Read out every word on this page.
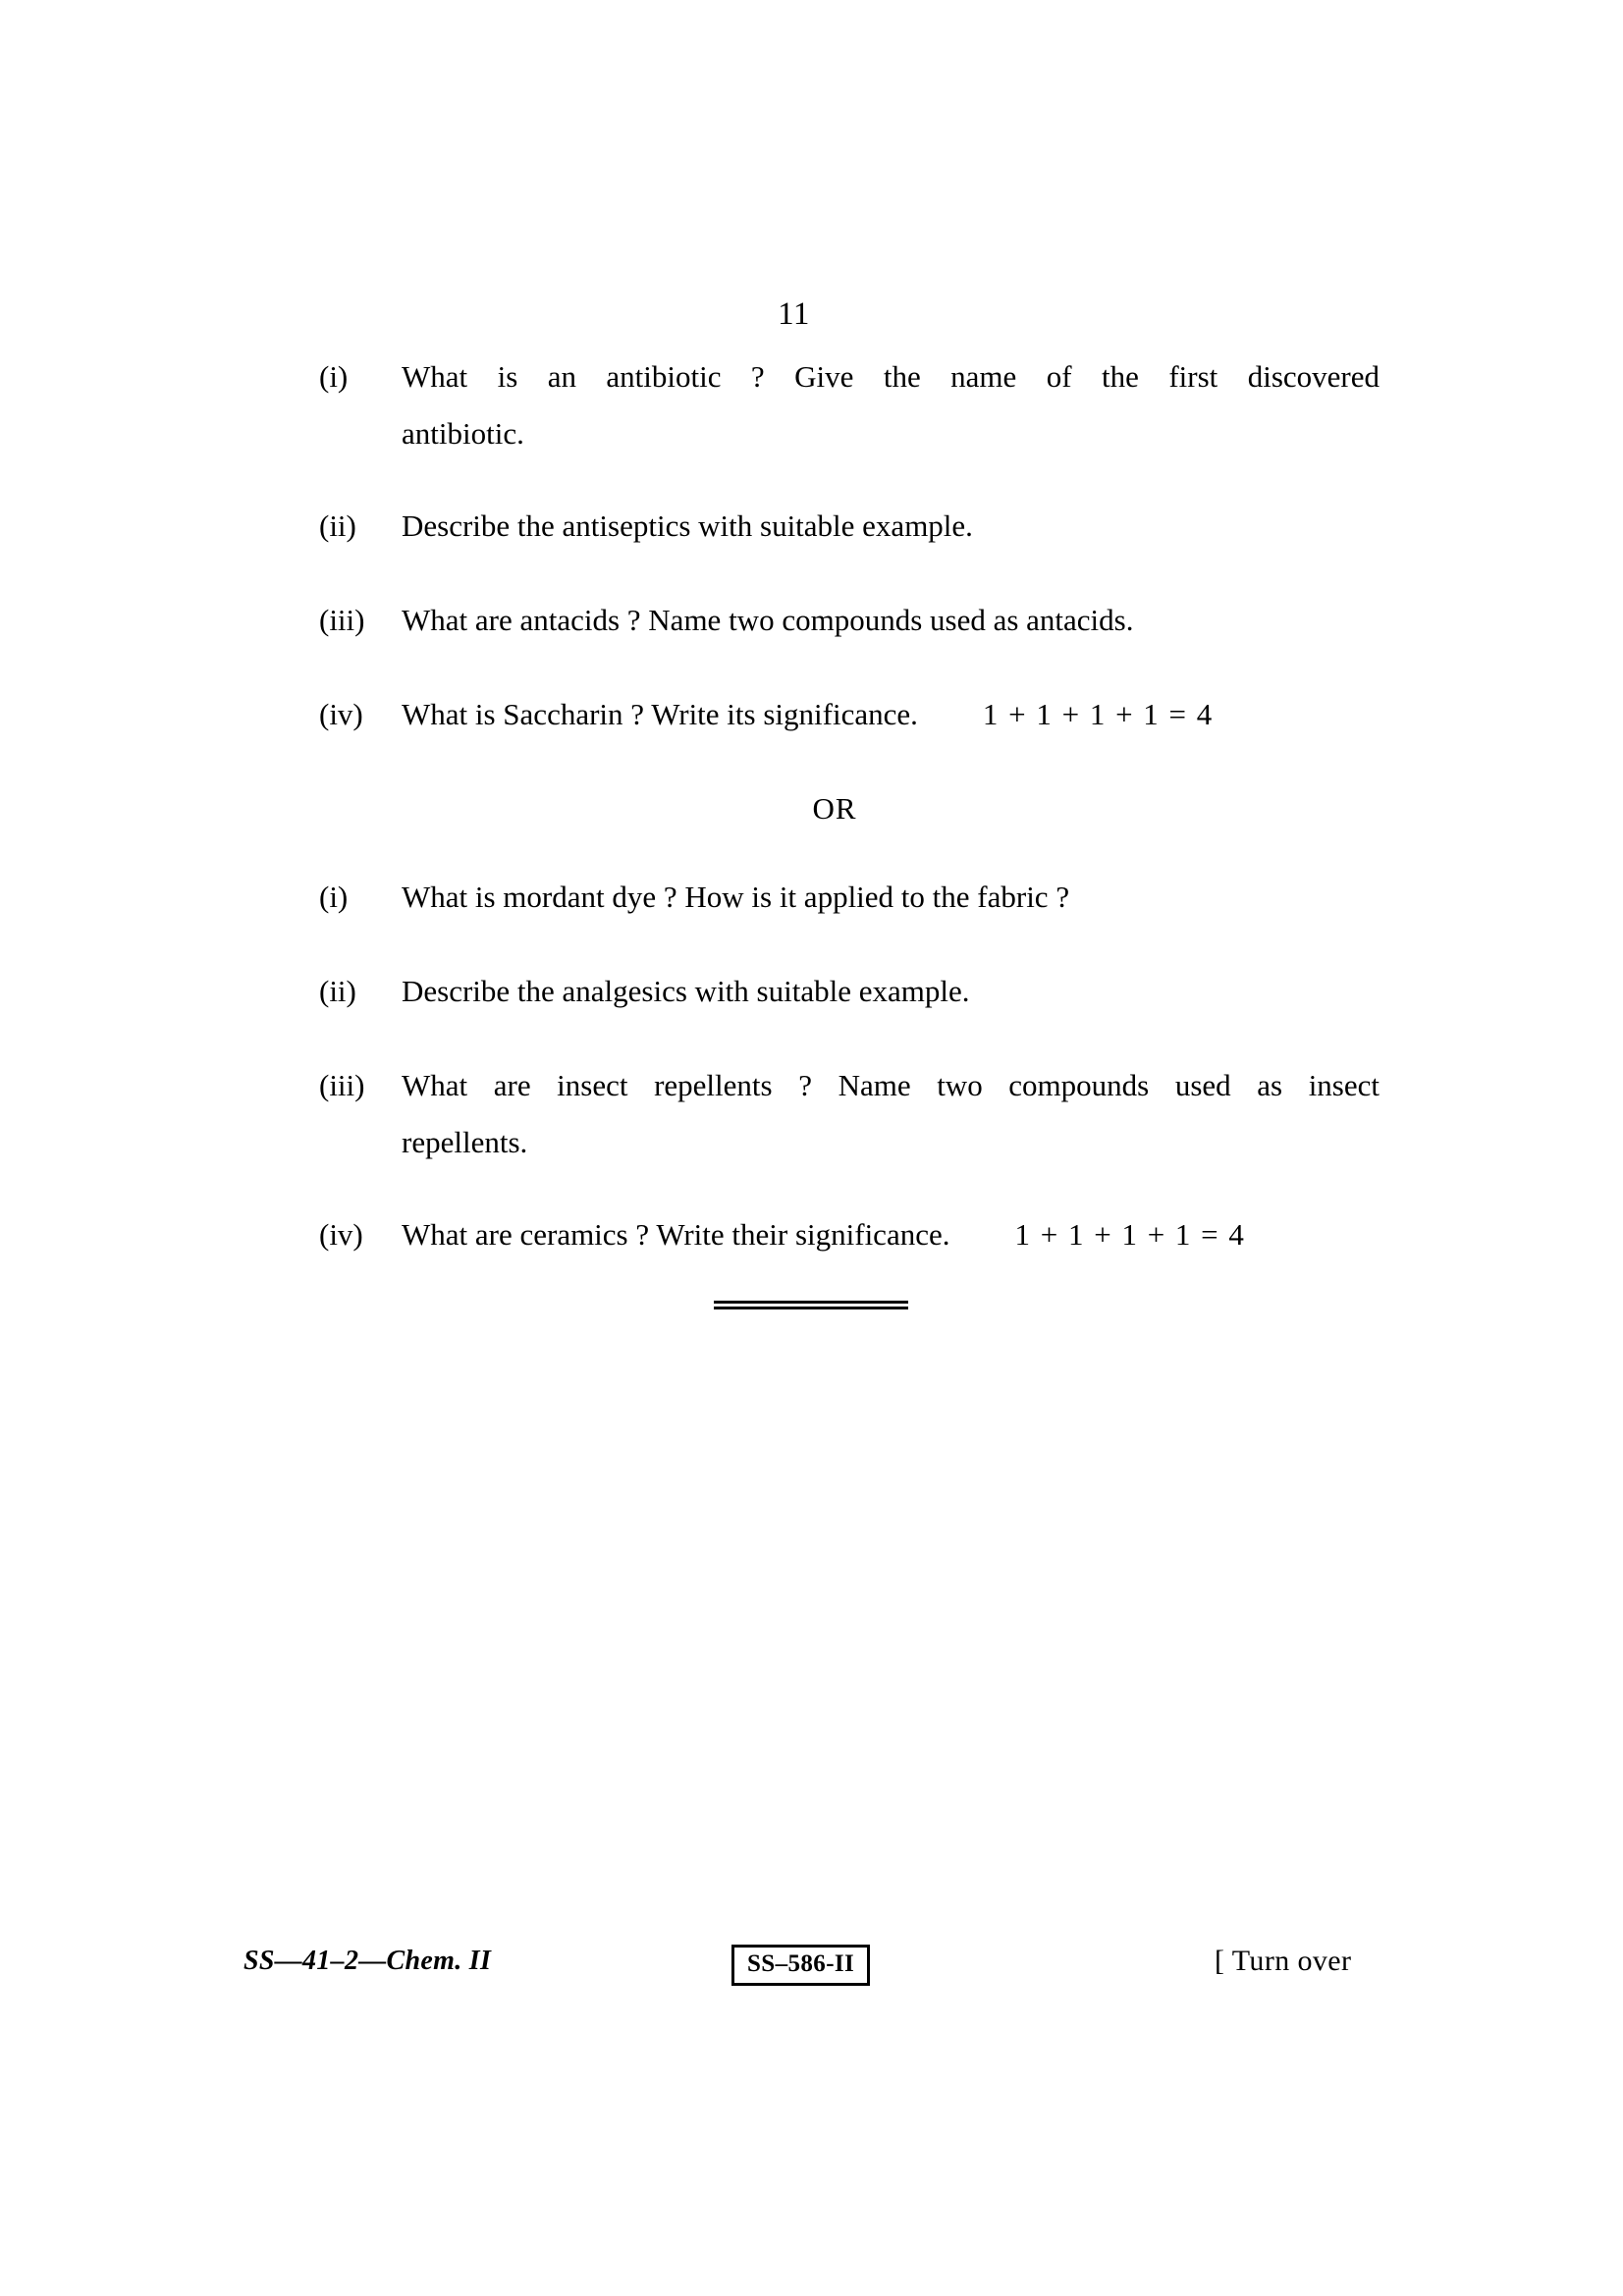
11
(i)	What is an antibiotic ? Give the name of the first discovered
antibiotic.
(ii)	Describe the antiseptics with suitable example.
(iii)	What are antacids ? Name two compounds used as antacids.
(iv)	What is Saccharin ? Write its significance. 1 + 1 + 1 + 1 = 4
OR
(i)	What is mordant dye ? How is it applied to the fabric ?
(ii)	Describe the analgesics with suitable example.
(iii)	What are insect repellents ? Name two compounds used as insect
repellents.
(iv)	What are ceramics ? Write their significance. 1 + 1 + 1 + 1 = 4
SS—41–2—Chem. II	SS–586-II	[ Turn over
